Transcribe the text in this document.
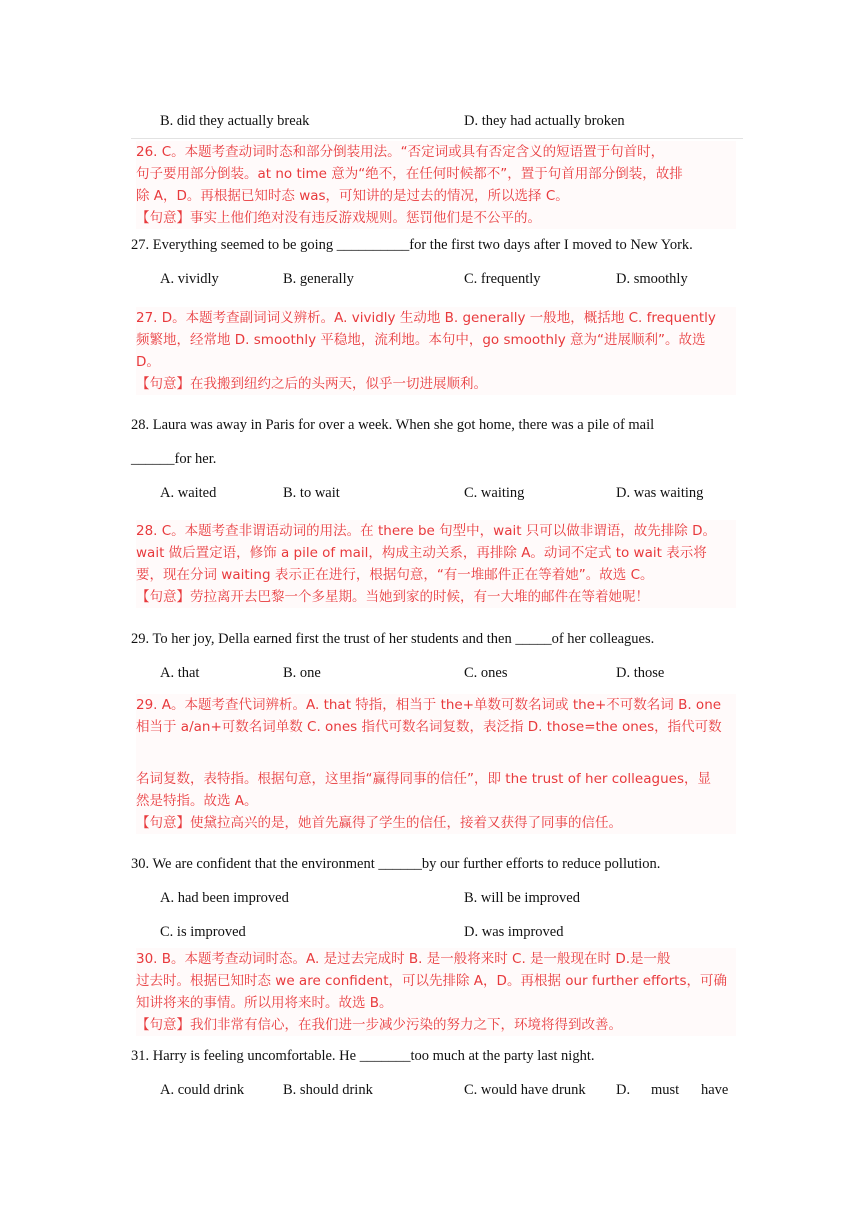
B. did they actually break	D. they had actually broken
26. C。本题考查动词时态和部分倒装用法。“否定词或具有否定含义的短语置于句首时，
句子要用部分倒装。at no time 意为“绝不，在任何时候都不”，置于句首用部分倒装，故排
除 A，D。再根据已知时态 was，可知讲的是过去的情况，所以选择 C。
【句意】事实上他们绝对没有违反游戏规则。惩罚他们是不公平的。
27. Everything seemed to be going __________for the first two days after I moved to New York.
A. vividly	B. generally	C. frequently	D. smoothly
27. D。本题考查副词词义辨析。A. vividly 生动地 B. generally 一般地，概括地 C. frequently
频繁地，经常地 D. smoothly 平稳地，流利地。本句中，go smoothly 意为“进展顺利”。故选
D。
【句意】在我搬到纽约之后的头两天，似乎一切进展顺利。
28. Laura was away in Paris for over a week. When she got home, there was a pile of mail
______for her.
A. waited	B. to wait	C. waiting	D. was waiting
28. C。本题考查非谓语动词的用法。在 there be 句型中，wait 只可以做非谓语，故先排除 D。
wait 做后置定语，修饰 a pile of mail，构成主动关系，再排除 A。动词不定式 to wait 表示将
要，现在分词 waiting 表示正在进行，根据句意，“有一堆邮件正在等着她”。故选 C。
【句意】劳拉离开去巴黎一个多星期。当她到家的时候，有一大堆的邮件在等着她呢！
29. To her joy, Della earned first the trust of her students and then _____of her colleagues.
A. that	B. one	C. ones	D. those
29. A。本题考查代词辨析。A. that 特指，相当于 the+单数可数名词或 the+不可数名词 B. one
相当于 a/an+可数名词单数 C. ones 指代可数名词复数，表泛指 D. those=the ones，指代可数
名词复数，表特指。根据句意，这里指“赢得同事的信任”，即 the trust of her colleagues，显
然是特指。故选 A。
【句意】使黛拉高兴的是，她首先赢得了学生的信任，接着又获得了同事的信任。
30. We are confident that the environment ______by our further efforts to reduce pollution.
A. had been improved	B. will be improved
C. is improved	D. was improved
30. B。本题考查动词时态。A. 是过去完成时 B. 是一般将来时 C. 是一般现在时 D.是一般
过去时。根据已知时态 we are confident，可以先排除 A，D。再根据 our further efforts，可确
知讲将来的事情。所以用将来时。故选 B。
【句意】我们非常有信心，在我们进一步减少污染的努力之下，环境将得到改善。
31. Harry is feeling uncomfortable. He _______too much at the party last night.
A. could drink	B. should drink	C. would have drunk D. must have
